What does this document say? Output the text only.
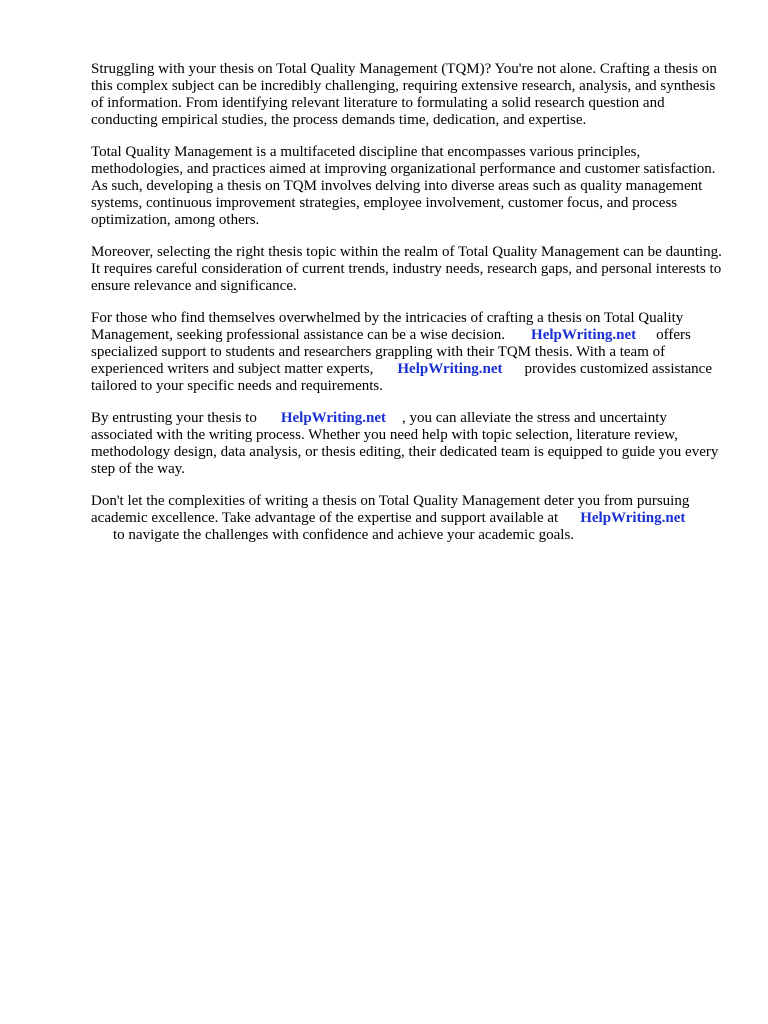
Struggling with your thesis on Total Quality Management (TQM)? You're not alone. Crafting a thesis on this complex subject can be incredibly challenging, requiring extensive research, analysis, and synthesis of information. From identifying relevant literature to formulating a solid research question and conducting empirical studies, the process demands time, dedication, and expertise.

Total Quality Management is a multifaceted discipline that encompasses various principles, methodologies, and practices aimed at improving organizational performance and customer satisfaction. As such, developing a thesis on TQM involves delving into diverse areas such as quality management systems, continuous improvement strategies, employee involvement, customer focus, and process optimization, among others.

Moreover, selecting the right thesis topic within the realm of Total Quality Management can be daunting. It requires careful consideration of current trends, industry needs, research gaps, and personal interests to ensure relevance and significance.

For those who find themselves overwhelmed by the intricacies of crafting a thesis on Total Quality Management, seeking professional assistance can be a wise decision. HelpWriting.net offers specialized support to students and researchers grappling with their TQM thesis. With a team of experienced writers and subject matter experts, HelpWriting.net provides customized assistance tailored to your specific needs and requirements.

By entrusting your thesis to HelpWriting.net , you can alleviate the stress and uncertainty associated with the writing process. Whether you need help with topic selection, literature review, methodology design, data analysis, or thesis editing, their dedicated team is equipped to guide you every step of the way.

Don't let the complexities of writing a thesis on Total Quality Management deter you from pursuing academic excellence. Take advantage of the expertise and support available at HelpWriting.net
to navigate the challenges with confidence and achieve your academic goals.
